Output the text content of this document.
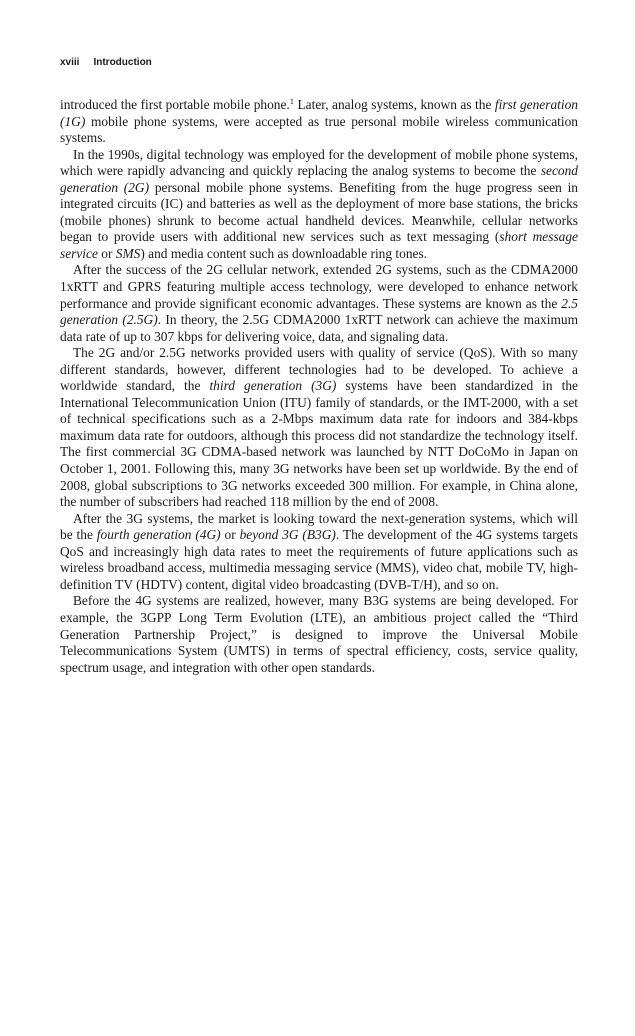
xviii Introduction

introduced the first portable mobile phone.$^1$ Later, analog systems, known as the first generation (1G) mobile phone systems, were accepted as true personal mobile wireless communication systems.

In the 1990s, digital technology was employed for the development of mobile phone systems, which were rapidly advancing and quickly replacing the analog systems to become the second generation (2G) personal mobile phone systems. Benefiting from the huge progress seen in integrated circuits (IC) and batteries as well as the deployment of more base stations, the bricks (mobile phones) shrunk to become actual handheld devices. Meanwhile, cellular networks began to provide users with additional new services such as text messaging (short message service or SMS) and media content such as downloadable ring tones.

After the success of the 2G cellular network, extended 2G systems, such as the CDMA2000 1xRTT and GPRS featuring multiple access technology, were developed to enhance network performance and provide significant economic advantages. These systems are known as the 2.5 generation (2.5G). In theory, the 2.5G CDMA2000 1xRTT network can achieve the maximum data rate of up to 307 kbps for delivering voice, data, and signaling data.

The 2G and/or 2.5G networks provided users with quality of service (QoS). With so many different standards, however, different technologies had to be developed. To achieve a worldwide standard, the third generation (3G) systems have been standardized in the International Telecommunication Union (ITU) family of standards, or the IMT-2000, with a set of technical specifications such as a 2-Mbps maximum data rate for indoors and 384-kbps maximum data rate for outdoors, although this process did not standardize the technology itself. The first commercial 3G CDMA-based network was launched by NTT DoCoMo in Japan on October 1, 2001. Following this, many 3G networks have been set up worldwide. By the end of 2008, global subscriptions to 3G networks exceeded 300 million. For example, in China alone, the number of subscribers had reached 118 million by the end of 2008.

After the 3G systems, the market is looking toward the next-generation systems, which will be the fourth generation (4G) or beyond 3G (B3G). The development of the 4G systems targets QoS and increasingly high data rates to meet the requirements of future applications such as wireless broadband access, multimedia messaging service (MMS), video chat, mobile TV, high-definition TV (HDTV) content, digital video broadcasting (DVB-T/H), and so on.

Before the 4G systems are realized, however, many B3G systems are being developed. For example, the 3GPP Long Term Evolution (LTE), an ambitious project called the “Third Generation Partnership Project,” is designed to improve the Universal Mobile Telecommunications System (UMTS) in terms of spectral efficiency, costs, service quality, spectrum usage, and integration with other open standards.
